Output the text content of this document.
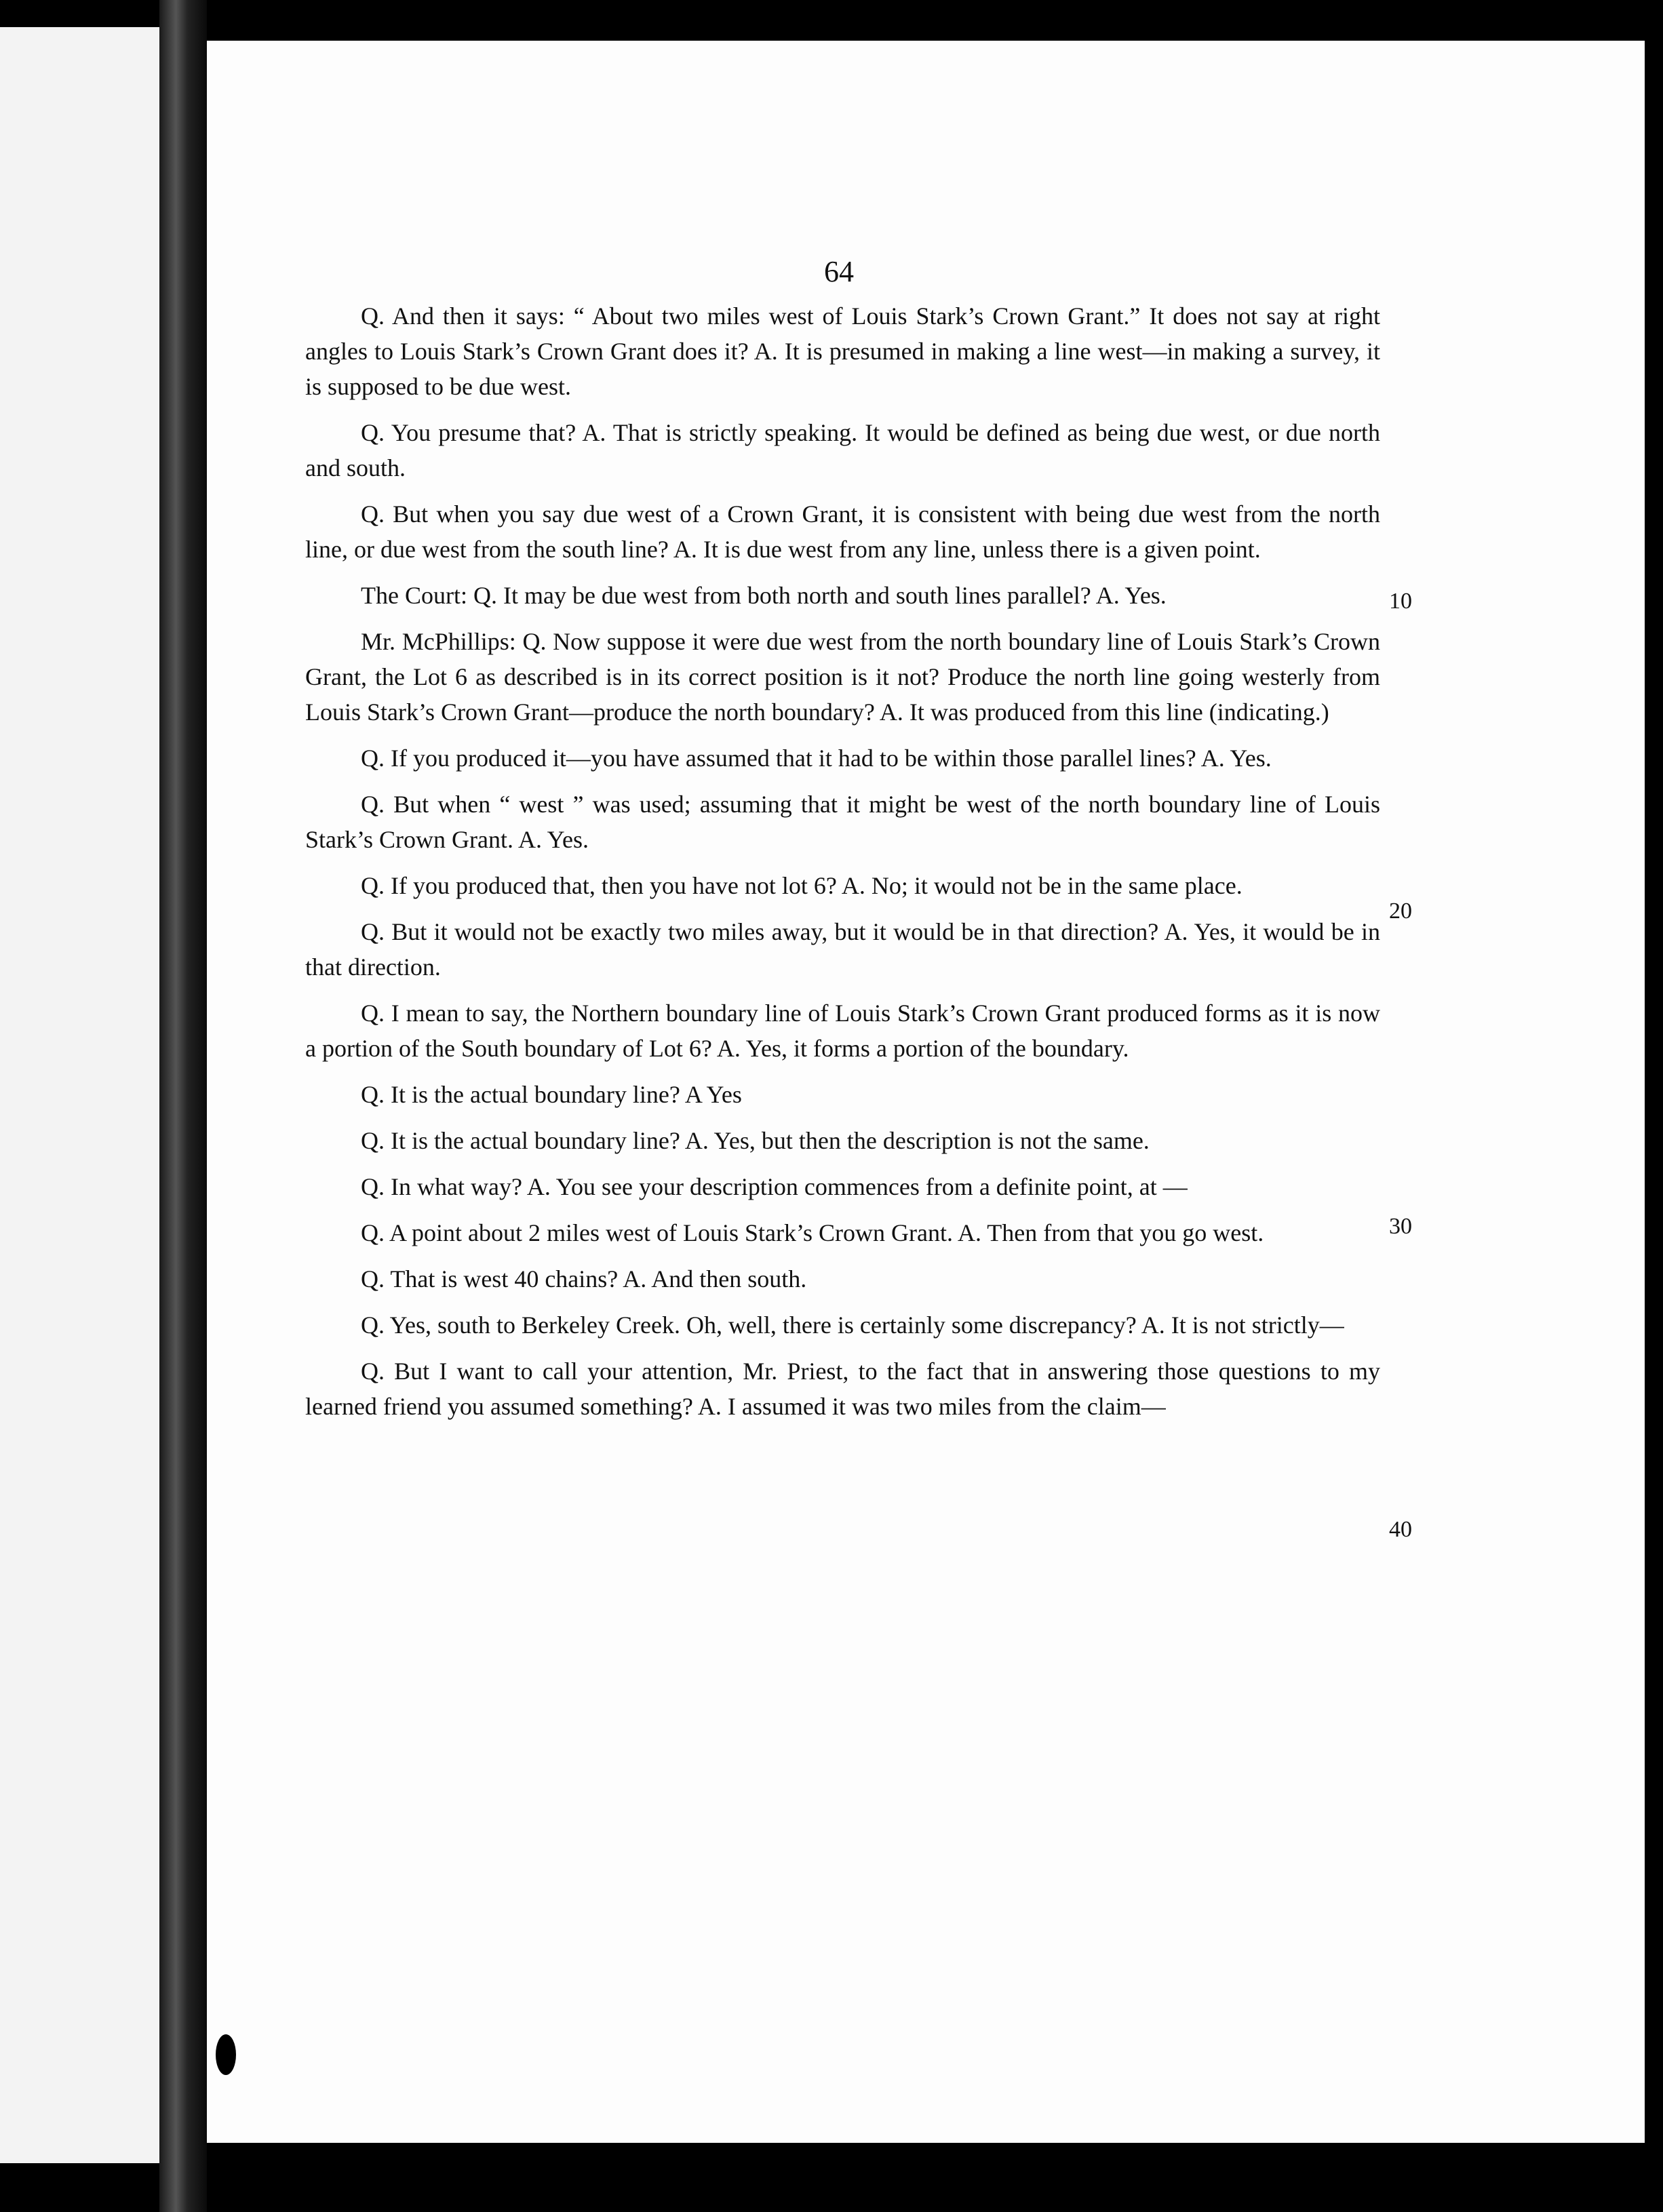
64

Q. And then it says: “ About two miles west of Louis Stark’s Crown Grant.” It does not say at right angles to Louis Stark’s Crown Grant does it? A. It is presumed in making a line west—in making a survey, it is supposed to be due west.

Q. You presume that? A. That is strictly speaking. It would be defined as being due west, or due north and south.

Q. But when you say due west of a Crown Grant, it is consistent with being due west from the north line, or due west from the south line? A. It is due west from any line, unless there is a given point.

The Court: Q. It may be due west from both north and south lines parallel? A. Yes.

Mr. McPhillips: Q. Now suppose it were due west from the north boundary line of Louis Stark’s Crown Grant, the Lot 6 as described is in its correct position is it not? Produce the north line going westerly from Louis Stark’s Crown Grant—produce the north boundary? A. It was produced from this line (indicating.)

Q. If you produced it—you have assumed that it had to be within those parallel lines? A. Yes.

Q. But when “ west ” was used; assuming that it might be west of the north boundary line of Louis Stark’s Crown Grant. A. Yes.

Q. If you produced that, then you have not lot 6? A. No; it would not be in the same place.

Q. But it would not be exactly two miles away, but it would be in that direction? A. Yes, it would be in that direction.

Q. I mean to say, the Northern boundary line of Louis Stark’s Crown Grant produced forms as it is now a portion of the South boundary of Lot 6? A. Yes, it forms a portion of the boundary.

Q. It is the actual boundary line? A Yes

Q. It is the actual boundary line? A. Yes, but then the description is not the same.

Q. In what way? A. You see your description commences from a definite point, at —

Q. A point about 2 miles west of Louis Stark’s Crown Grant. A. Then from that you go west.

Q. That is west 40 chains? A. And then south.

Q. Yes, south to Berkeley Creek. Oh, well, there is certainly some discrepancy? A. It is not strictly—

Q. But I want to call your attention, Mr. Priest, to the fact that in answering those questions to my learned friend you assumed something? A. I assumed it was two miles from the claim—

10
20
30
40
